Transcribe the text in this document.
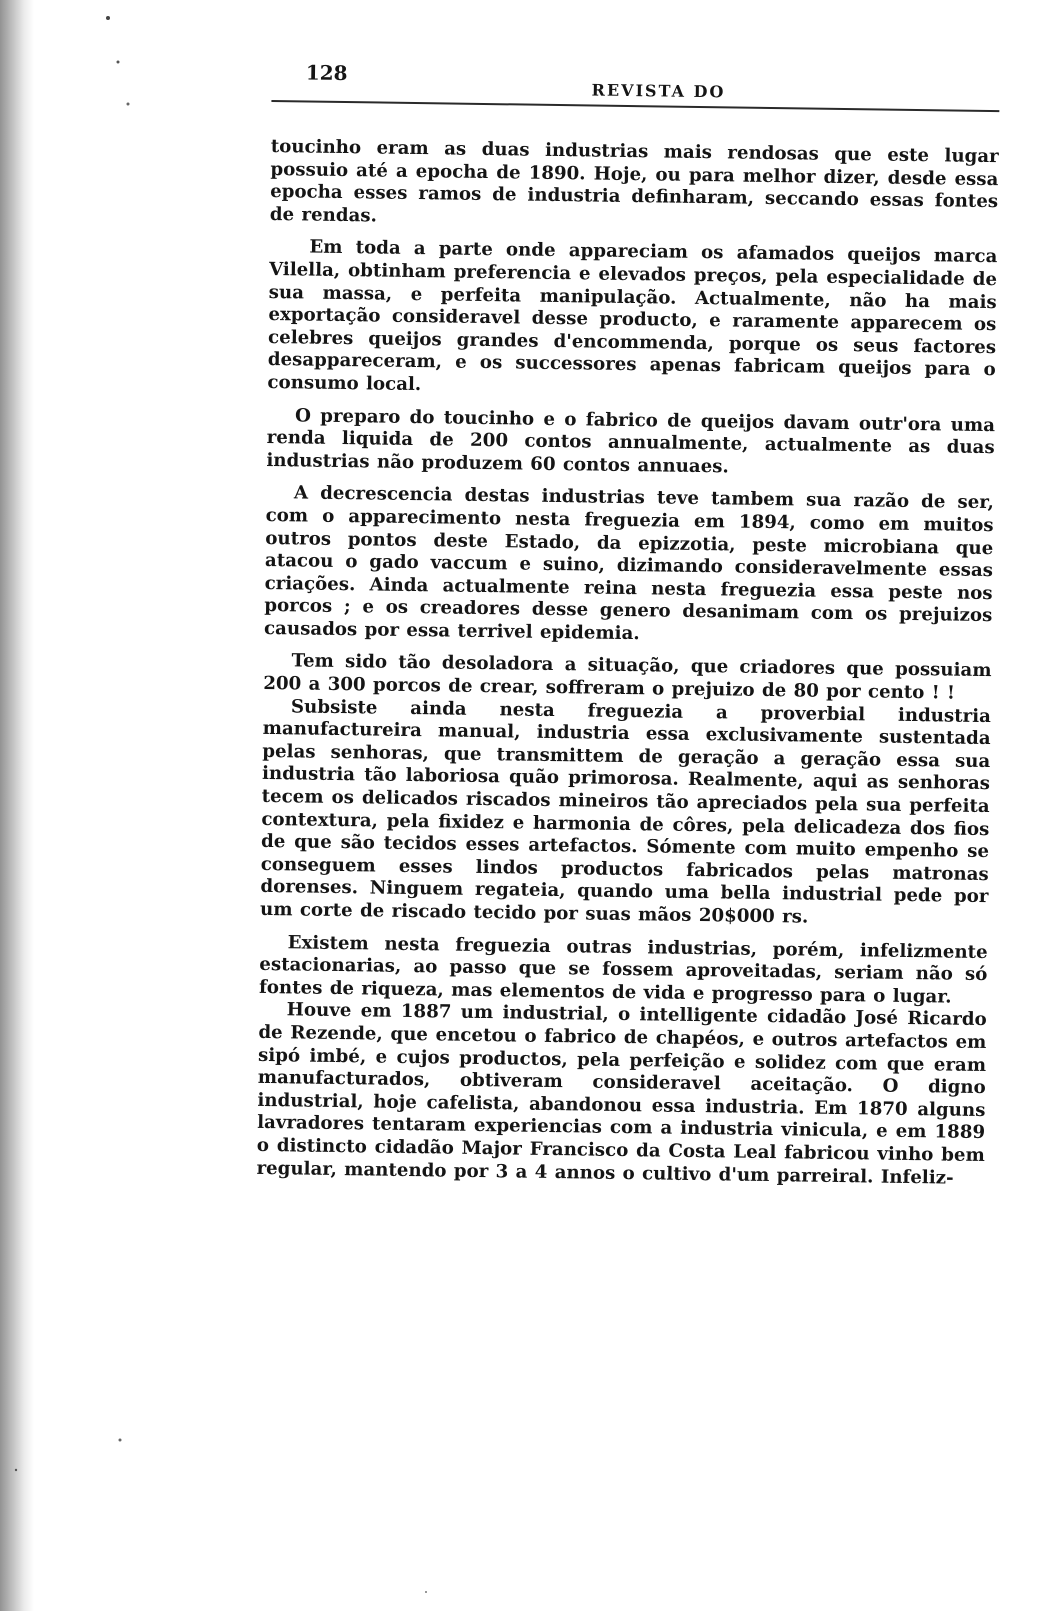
128
REVISTA DO

toucinho eram as duas industrias mais rendosas que este lugar possuio até a epocha de 1890. Hoje, ou para melhor dizer, desde essa epocha esses ramos de industria definharam, seccando essas fontes de rendas.

Em toda a parte onde appareciam os afamados queijos marca Vilella, obtinham preferencia e elevados preços, pela especialidade de sua massa, e perfeita manipulação. Actualmente, não ha mais exportação consideravel desse producto, e raramente apparecem os celebres queijos grandes d'encommenda, porque os seus factores desappareceram, e os successores apenas fabricam queijos para o consumo local.

O preparo do toucinho e o fabrico de queijos davam outr'ora uma renda liquida de 200 contos annualmente, actualmente as duas industrias não produzem 60 contos annuaes.

A decrescencia destas industrias teve tambem sua razão de ser, com o apparecimento nesta freguezia em 1894, como em muitos outros pontos deste Estado, da epizzotia, peste microbiana que atacou o gado vaccum e suino, dizimando consideravelmente essas criações. Ainda actualmente reina nesta freguezia essa peste nos porcos ; e os creadores desse genero desanimam com os prejuizos causados por essa terrivel epidemia.

Tem sido tão desoladora a situação, que criadores que possuiam 200 a 300 porcos de crear, soffreram o prejuizo de 80 por cento ! !

Subsiste ainda nesta freguezia a proverbial industria manufactureira manual, industria essa exclusivamente sustentada pelas senhoras, que transmittem de geração a geração essa sua industria tão laboriosa quão primorosa. Realmente, aqui as senhoras tecem os delicados riscados mineiros tão apreciados pela sua perfeita contextura, pela fixidez e harmonia de côres, pela delicadeza dos fios de que são tecidos esses artefactos. Sómente com muito empenho se conseguem esses lindos productos fabricados pelas matronas dorenses. Ninguem regateia, quando uma bella industrial pede por um corte de riscado tecido por suas mãos 20$000 rs.

Existem nesta freguezia outras industrias, porém, infelizmente estacionarias, ao passo que se fossem aproveitadas, seriam não só fontes de riqueza, mas elementos de vida e progresso para o lugar.

Houve em 1887 um industrial, o intelligente cidadão José Ricardo de Rezende, que encetou o fabrico de chapéos, e outros artefactos em sipó imbé, e cujos productos, pela perfeição e solidez com que eram manufacturados, obtiveram consideravel aceitação. O digno industrial, hoje cafelista, abandonou essa industria. Em 1870 alguns lavradores tentaram experiencias com a industria vinicula, e em 1889 o distincto cidadão Major Francisco da Costa Leal fabricou vinho bem regular, mantendo por 3 a 4 annos o cultivo d'um parreiral. Infeliz-
